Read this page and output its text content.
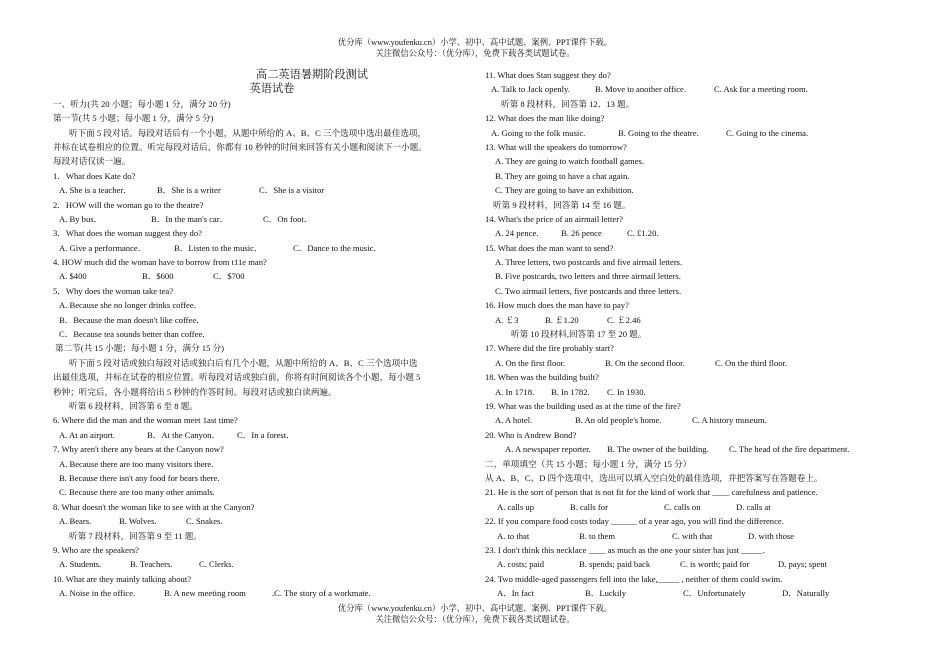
优分库（www.youfenku.cn）小学、初中、高中试题、案例、PPT课件下载。
关注微信公众号：（优分库），免费下载各类试题试卷。
高二英语暑期阶段测试
英语试卷
一、听力(共 20 小题；每小题 1 分，满分 20 分)
第一节(共 5 小题；每小题 1 分，满分 5 分)
听下面 5 段对话。每段对话后有一个小题，从题中所给的 A、B、C 三个选项中选出最佳选项，
并标在试卷相应的位置。听完每段对话后，你都有 10 秒钟的时间来回答有关小题和阅读下一小题。
每段对话仅读一遍。
1．What does Kate do?
A. She is a teacher．	B．She is a writer	C．She is a visitor
2．HOW will the woman go to the theatre?
A. By bus．	B．In the man's car．	C．On foot．
3．What does the woman suggest they do?
A. Give a performance．	B．Listen to the music．	C．Dance to the music．
4. HOW much did the woman have to borrow from t11e man?
A. $400	B．$600	C．$700
5．Why does the woman take tea?
A. Because she no longer drinks coffee．
B．Because the man doesn't like coffee．
C．Because tea sounds better than coffee．
第二节(共 15 小题；每小题 1 分，满分 15 分)
听下面 5 段对话或独白每段对话或独白后有几个小题，从题中所给的 A、B、C 三个选项中选
出最佳选项，并标在试卷的相应位置。听每段对话或独白前，你将有时间阅读各个小题，每小题 5
秒钟；听完后，各小题将给出 5 秒钟的作答时间。每段对话或独白读两遍。
听第 6 段材料，回答第 6 至 8 题。
6. Where did the man and the woman meet 1ast time?
A. At an airport.	B．At the Canyon． C．In a forest．
7. Why aren't there any bears at the Canyon now?
A. Because there are too many visitors there.
B. Because there isn't any food for bears there.
C. Because there are too many other animals.
8. What doesn't the woman like to see with at the Canyon?
A. Bears.	B. Wolves.	C. Snakes.
听第 7 段材料，回答第 9 至 11 题。
9. Who are the speakers?
A. Students.	B. Teachers.	C. Clerks.
10. What are they mainly talking about?
A. Noise in the office.	B. A new meeting room	.C. The story of a workmate.
11. What does Stan suggest they do?
A. Talk to Jack openly.	B. Move to another office.	C. Ask for a meeting room.
听第 8 段材料，回答第 12、13 题。
12. What does the man like doing?
A. Going to the folk music.	B. Going to the theatre.	C. Going to the cinema.
13. What will the speakers do tomorrow?
A. They are going to watch football games.
B. They are going to have a chat again.
C. They are going to have an exhibition.
听第 9 段材料，回答第 14 至 16 题。
14. What's the price of an airmail letter?
A. 24 pence.	B. 26 pence	C. £1.20.
15. What does the man want to send?
A. Three letters, two postcards and five airmail letters.
B. Five postcards, two letters and three airmail letters.
C. Two airmail letters, five postcards and three letters.
16. How much does the man have to pay?
A. ￡3	B. ￡1.20	C. ￡2.46
听第 10 段材料,回答第 17 至 20 题。
17. Where did the fire probably start?
A. On the first floor.	B. On the second floor.	C. On the third floor.
18. When was the building built?
A. In 1718. B. In 1782. C. In 1930.
19. What was the building used as at the time of the fire?
A. A hotel.	B. An old people's home.	C. A history museum.
20. Who is Andrew Bond?
A. A newspaper reporter. B. The owner of the building. C. The head of the fire department.
二、单项填空（共 15 小题；每小题 1 分，满分 15 分）
从 A、B、C、D 四个选项中，选出可以填入空白处的最佳选项，并把答案写在答题卷上。
21. He is the sort of person that is not fit for the kind of work that ____ carefulness and patience.
A. calls up	B. calls for	C. calls on	D. calls at
22. If you compare food costs today ______ of a year ago, you will find the difference.
A. to that	B. to them	C. with that	D. with those
23. I don't think this necklace ____ as much as the one your sister has just _____.
A. costs; paid	B. spends; paid back	C. is worth; paid for	D. pays; spent
24. Two middle-aged passengers fell into the lake,_____ , neither of them could swim.
A．In fact	B．Luckily	C．Unfortunately	D．Naturally
优分库（www.youfenku.cn）小学、初中、高中试题、案例、PPT课件下载。
关注微信公众号：（优分库），免费下载各类试题试卷。
